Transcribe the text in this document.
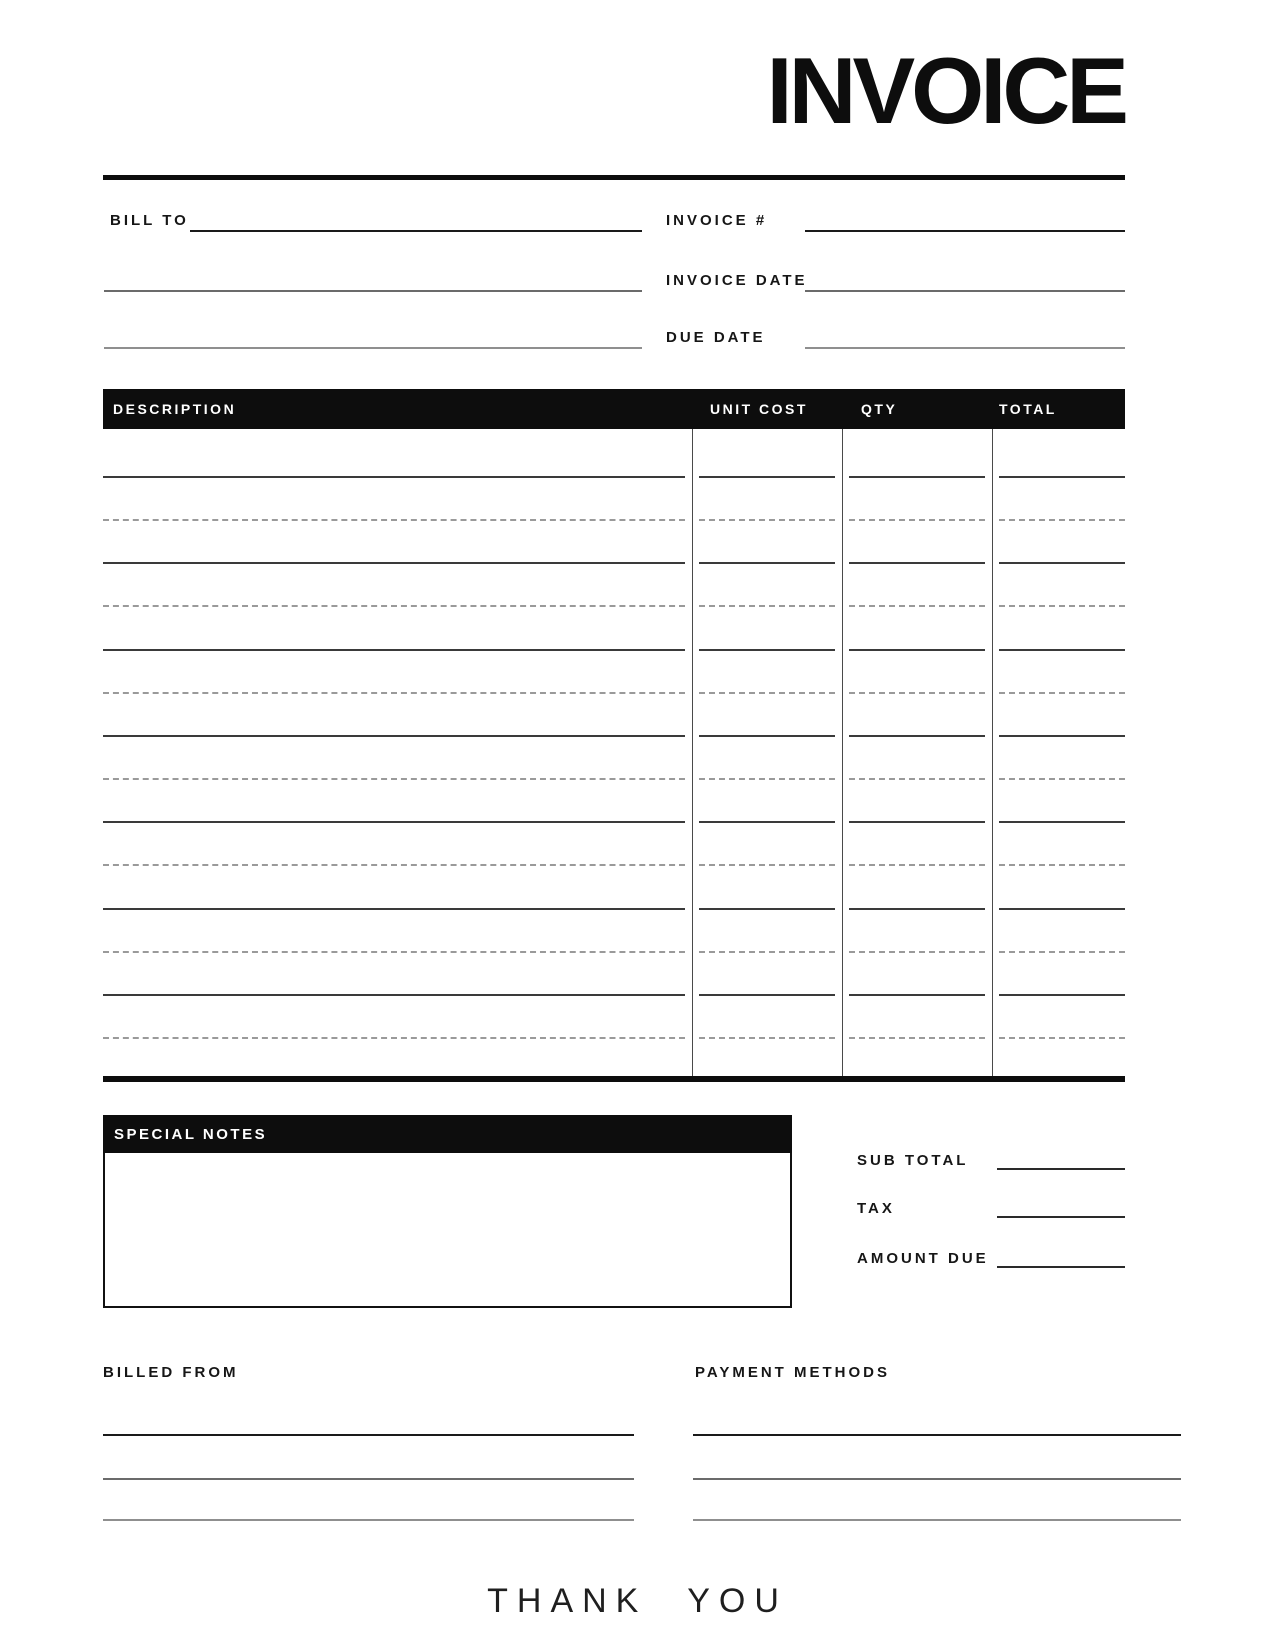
INVOICE
BILL TO	INVOICE #
INVOICE DATE
DUE DATE
DESCRIPTION	UNIT COST	QTY	TOTAL
SPECIAL NOTES
SUB TOTAL
TAX
AMOUNT DUE
BILLED FROM	PAYMENT METHODS
THANK YOU
